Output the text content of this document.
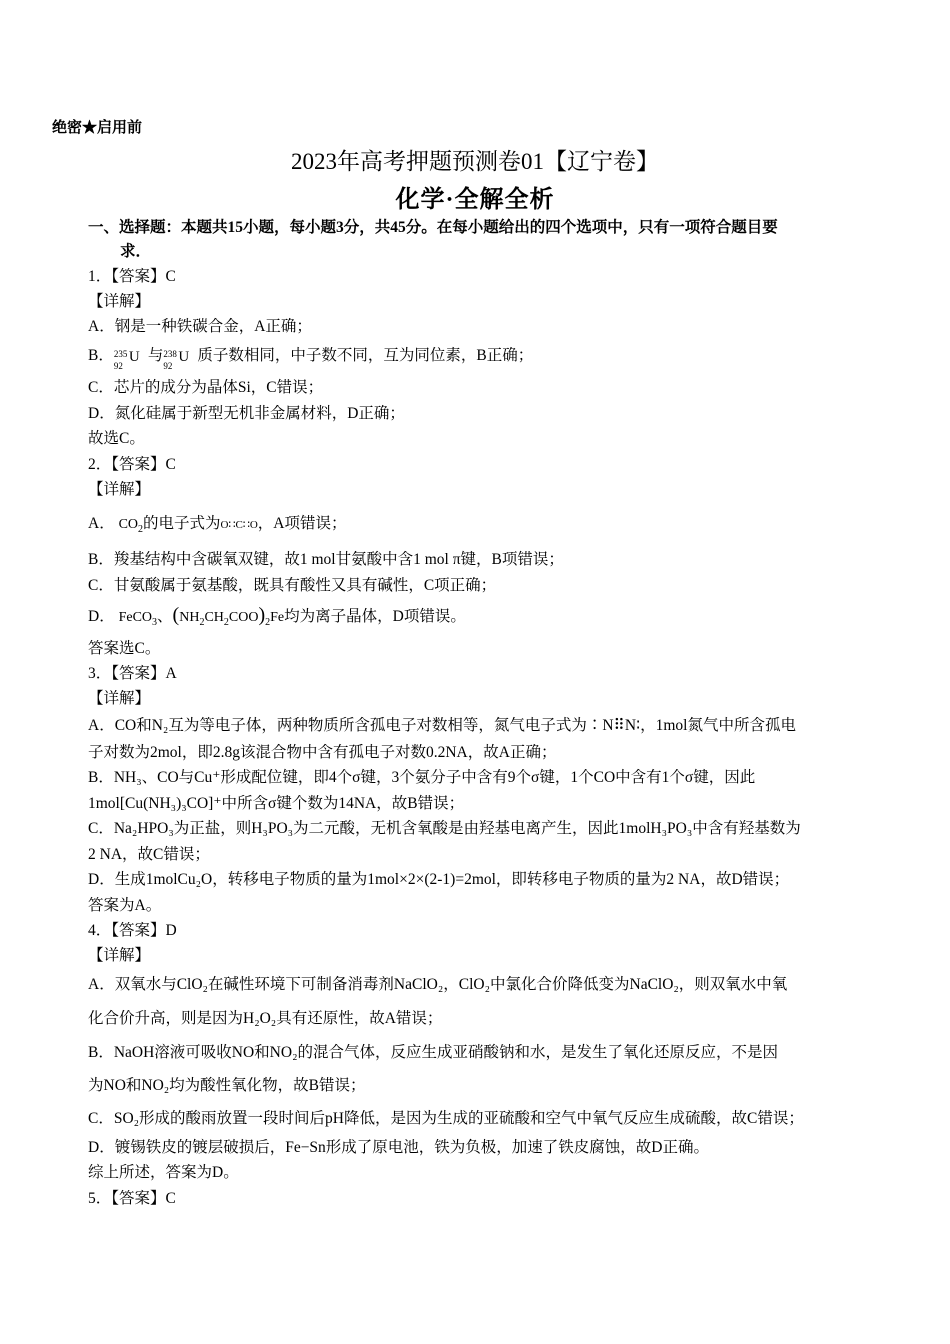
绝密★启用前
2023年高考押题预测卷01【辽宁卷】
化学·全解全析
一、选择题：本题共15小题，每小题3分，共45分。在每小题给出的四个选项中，只有一项符合题目要
求．
1．【答案】C
【详解】
A．钢是一种铁碳合金，A正确；
B． 235
92
U 与 238
92
U 质子数相同，中子数不同，互为同位素，B正确；
C．芯片的成分为晶体Si，C错误；
D．氮化硅属于新型无机非金属材料，D正确；
故选C。
2．【答案】C
【详解】
A． $CO_2$的电子式为O∷C∷O，A项错误；
B．羧基结构中含碳氧双键，故1 mol甘氨酸中含1 mol π键，B项错误；
C．甘氨酸属于氨基酸，既具有酸性又具有碱性，C项正确；
D． FeCO$_3$、$(NH_2CH_2COO)_2Fe$均为离子晶体，D项错误。
答案选C。
3．【答案】A
【详解】
A．CO和N₂互为等电子体，两种物质所含孤电子对数相等，氮气电子式为∶N⠿N∶，1mol氮气中所含孤电
子对数为2mol，即2.8g该混合物中含有孤电子对数0.2NA，故A正确；
B．NH₃、CO与Cu⁺形成配位键，即4个σ键，3个氨分子中含有9个σ键，1个CO中含有1个σ键，因此
1mol[Cu(NH₃)₃CO]⁺中所含σ键个数为14NA，故B错误；
C．Na₂HPO₃为正盐，则H₃PO₃为二元酸，无机含氧酸是由羟基电离产生，因此1molH₃PO₃中含有羟基数为
2 NA，故C错误；
D．生成1molCu₂O，转移电子物质的量为1mol×2×(2-1)=2mol，即转移电子物质的量为2 NA，故D错误；
答案为A。
4．【答案】D
【详解】
A．双氧水与ClO₂在碱性环境下可制备消毒剂NaClO₂，ClO₂中氯化合价降低变为NaClO₂，则双氧水中氧
化合价升高，则是因为H₂O₂具有还原性，故A错误；
B．NaOH溶液可吸收NO和NO₂的混合气体，反应生成亚硝酸钠和水，是发生了氧化还原反应，不是因
为NO和NO₂均为酸性氧化物，故B错误；
C．SO₂形成的酸雨放置一段时间后pH降低，是因为生成的亚硫酸和空气中氧气反应生成硫酸，故C错误；
D．镀锡铁皮的镀层破损后，Fe−Sn形成了原电池，铁为负极，加速了铁皮腐蚀，故D正确。
综上所述，答案为D。
5．【答案】C
